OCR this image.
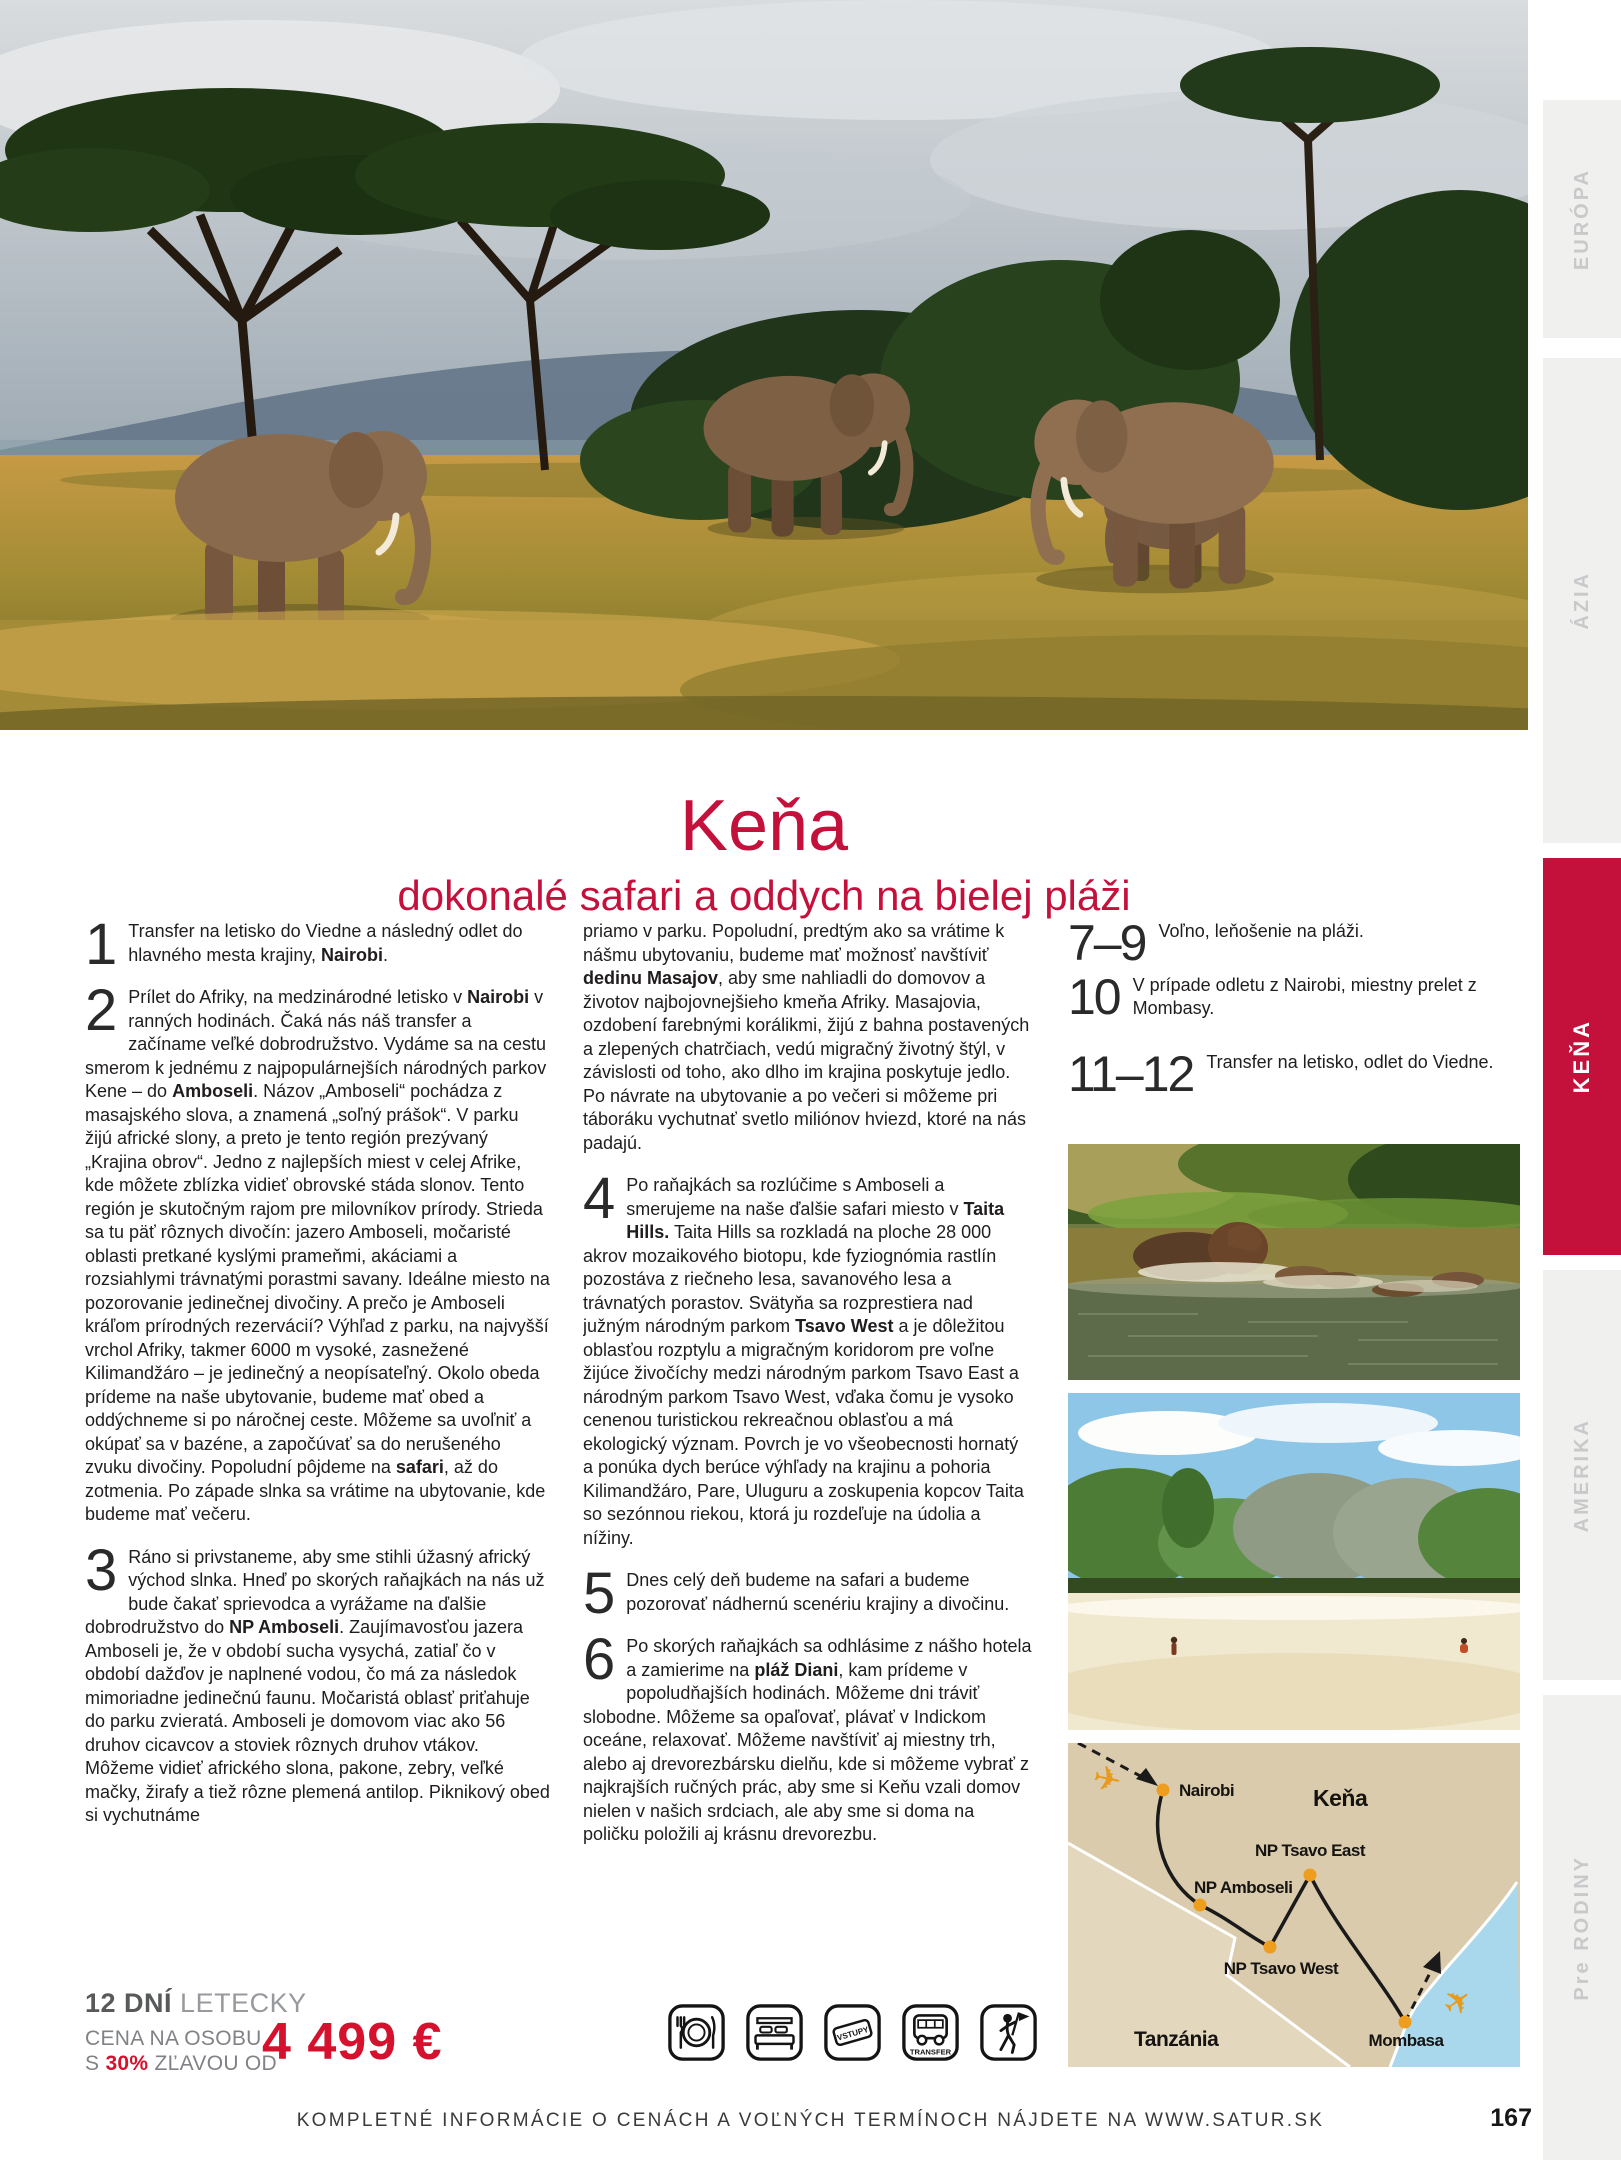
EURÓPA
ÁZIA
KEŇA
AMERIKA
Pre RODINY
Keňa
dokonalé safari a oddych na bielej pláži
1 Transfer na letisko do Viedne a následný odlet do hlavného mesta krajiny, Nairobi.

2 Prílet do Afriky, na medzinárodné letisko v Nairobi v ranných hodinách. Čaká nás náš transfer a začíname veľké dobrodružstvo. Vydáme sa na cestu smerom k jednému z najpopulárnejších národných parkov Kene – do Amboseli. Názov „Amboseli“ pochádza z masajského slova, a znamená „soľný prášok“. V parku žijú africké slony, a preto je tento región prezývaný „Krajina obrov“. Jedno z najlepších miest v celej Afrike, kde môžete zblízka vidieť obrovské stáda slonov. Tento región je skutočným rajom pre milovníkov prírody. Strieda sa tu päť rôznych divočín: jazero Amboseli, močaristé oblasti pretkané kyslými prameňmi, akáciami a rozsiahlymi trávnatými porastmi savany. Ideálne miesto na pozorovanie jedinečnej divočiny. A prečo je Amboseli kráľom prírodných rezervácií? Výhľad z parku, na najvyšší vrchol Afriky, takmer 6000 m vysoké, zasnežené Kilimandžáro – je jedinečný a neopísateľný. Okolo obeda prídeme na naše ubytovanie, budeme mať obed a oddýchneme si po náročnej ceste. Môžeme sa uvoľniť a okúpať sa v bazéne, a započúvať sa do nerušeného zvuku divočiny. Popoludní pôjdeme na safari, až do zotmenia. Po západe slnka sa vrátime na ubytovanie, kde budeme mať večeru.

3 Ráno si privstaneme, aby sme stihli úžasný africký východ slnka. Hneď po skorých raňajkách na nás už bude čakať sprievodca a vyrážame na ďalšie dobrodružstvo do NP Amboseli. Zaujímavosťou jazera Amboseli je, že v období sucha vysychá, zatiaľ čo v období dažďov je naplnené vodou, čo má za následok mimoriadne jedinečnú faunu. Močaristá oblasť priťahuje do parku zvieratá. Amboseli je domovom viac ako 56 druhov cicavcov a stoviek rôznych druhov vtákov. Môžeme vidieť afrického slona, pakone, zebry, veľké mačky, žirafy a tiež rôzne plemená antilop. Piknikový obed si vychutnáme

priamo v parku. Popoludní, predtým ako sa vrátime k nášmu ubytovaniu, budeme mať možnosť navštíviť dedinu Masajov, aby sme nahliadli do domovov a životov najbojovnejšieho kmeňa Afriky. Masajovia, ozdobení farebnými korálikmi, žijú z bahna postavených a zlepených chatrčiach, vedú migračný životný štýl, v závislosti od toho, ako dlho im krajina poskytuje jedlo. Po návrate na ubytovanie a po večeri si môžeme pri táboráku vychutnať svetlo miliónov hviezd, ktoré na nás padajú.

4 Po raňajkách sa rozlúčime s Amboseli a smerujeme na naše ďalšie safari miesto v Taita Hills. Taita Hills sa rozkladá na ploche 28 000 akrov mozaikového biotopu, kde fyziognómia rastlín pozostáva z riečneho lesa, savanového lesa a trávnatých porastov. Svätyňa sa rozprestiera nad južným národným parkom Tsavo West a je dôležitou oblasťou rozptylu a migračným koridorom pre voľne žijúce živočíchy medzi národným parkom Tsavo East a národným parkom Tsavo West, vďaka čomu je vysoko cenenou turistickou rekreačnou oblasťou a má ekologický význam. Povrch je vo všeobecnosti hornatý a ponúka dych berúce výhľady na krajinu a pohoria Kilimandžáro, Pare, Uluguru a zoskupenia kopcov Taita so sezónnou riekou, ktorá ju rozdeľuje na údolia a nížiny.

5 Dnes celý deň budeme na safari a budeme pozorovať nádhernú scenériu krajiny a divočinu.

6 Po skorých raňajkách sa odhlásime z nášho hotela a zamierime na pláž Diani, kam prídeme v popoludňajších hodinách. Môžeme dni tráviť slobodne. Môžeme sa opaľovať, plávať v Indickom oceáne, relaxovať. Môžeme navštíviť aj miestny trh, alebo aj drevorezbársku dielňu, kde si môžeme vybrať z najkrajších ručných prác, aby sme si Keňu vzali domov nielen v našich srdciach, ale aby sme si doma na poličku položili aj krásnu drevorezbu.

7–9 Voľno, leňošenie na pláži.

10 V prípade odletu z Nairobi, miestny prelet z Mombasy.

11–12 Transfer na letisko, odlet do Viedne.

✈
✈
Nairobi
NP Amboseli
NP Tsavo West
NP Tsavo East
Mombasa
Keňa
Tanzánia
12 DNÍ LETECKY
CENA NA OSOBU
S 30% ZĽAVOU OD
4 499 €	VSTUPY
TRANSFER
KOMPLETNÉ INFORMÁCIE O CENÁCH A VOĽNÝCH TERMÍNOCH NÁJDETE NA WWW.SATUR.SK	167
